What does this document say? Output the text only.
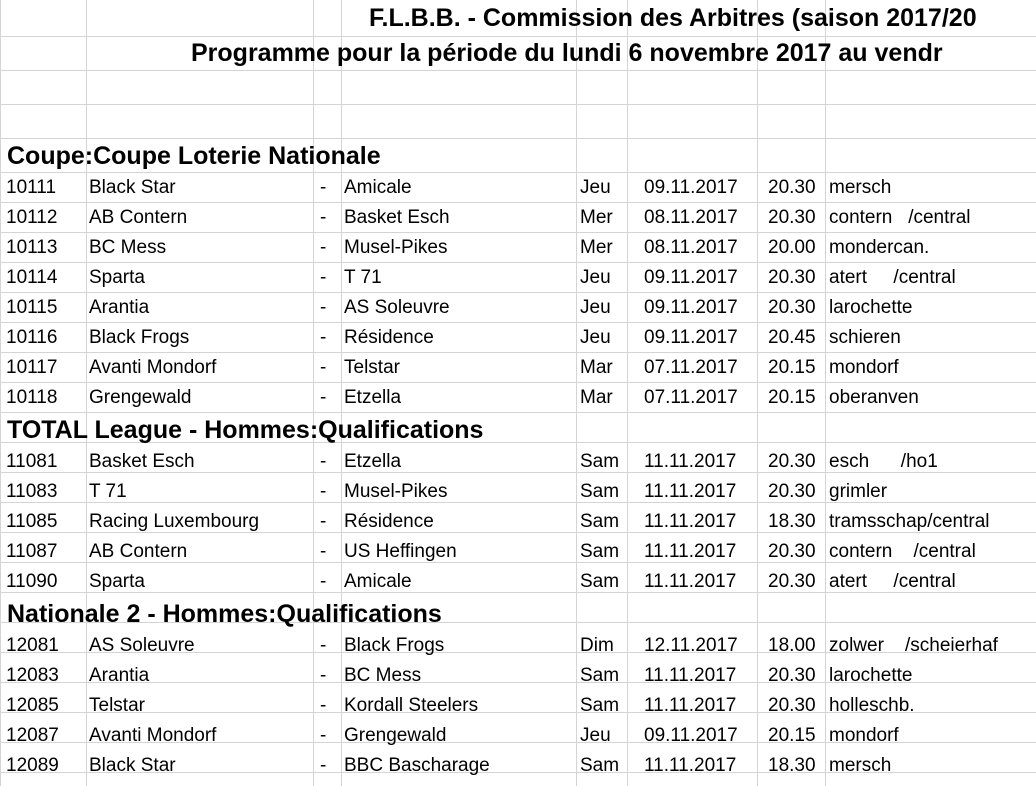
F.L.B.B. - Commission des Arbitres (saison 2017/20
Programme pour la période du lundi 6 novembre 2017 au vendr
Coupe:Coupe Loterie Nationale
10111 Black Star	- Amicale	Jeu 09.11.2017 20.30 mersch
10112 AB Contern	- Basket Esch	Mer 08.11.2017 20.30 contern   /central
10113 BC Mess	- Musel-Pikes	Mer 08.11.2017 20.00 mondercan.
10114 Sparta	- T 71	Jeu 09.11.2017 20.30 atert     /central
10115 Arantia	- AS Soleuvre	Jeu 09.11.2017 20.30 larochette
10116 Black Frogs	- Résidence	Jeu 09.11.2017 20.45 schieren
10117 Avanti Mondorf	- Telstar	Mar 07.11.2017 20.15 mondorf
10118 Grengewald	- Etzella	Mar 07.11.2017 20.15 oberanven
TOTAL League - Hommes:Qualifications
11081 Basket Esch	- Etzella	Sam 11.11.2017 20.30 esch      /ho1
11083 T 71	- Musel-Pikes	Sam 11.11.2017 20.30 grimler
11085 Racing Luxembourg	- Résidence	Sam 11.11.2017 18.30 tramsschap/central
11087 AB Contern	- US Heffingen	Sam 11.11.2017 20.30 contern    /central
11090 Sparta	- Amicale	Sam 11.11.2017 20.30 atert     /central
Nationale 2 - Hommes:Qualifications
12081 AS Soleuvre	- Black Frogs	Dim 12.11.2017 18.00 zolwer    /scheierhaf
12083 Arantia	- BC Mess	Sam 11.11.2017 20.30 larochette
12085 Telstar	- Kordall Steelers	Sam 11.11.2017 20.30 holleschb.
12087 Avanti Mondorf	- Grengewald	Jeu 09.11.2017 20.15 mondorf
12089 Black Star	- BBC Bascharage	Sam 11.11.2017 18.30 mersch
